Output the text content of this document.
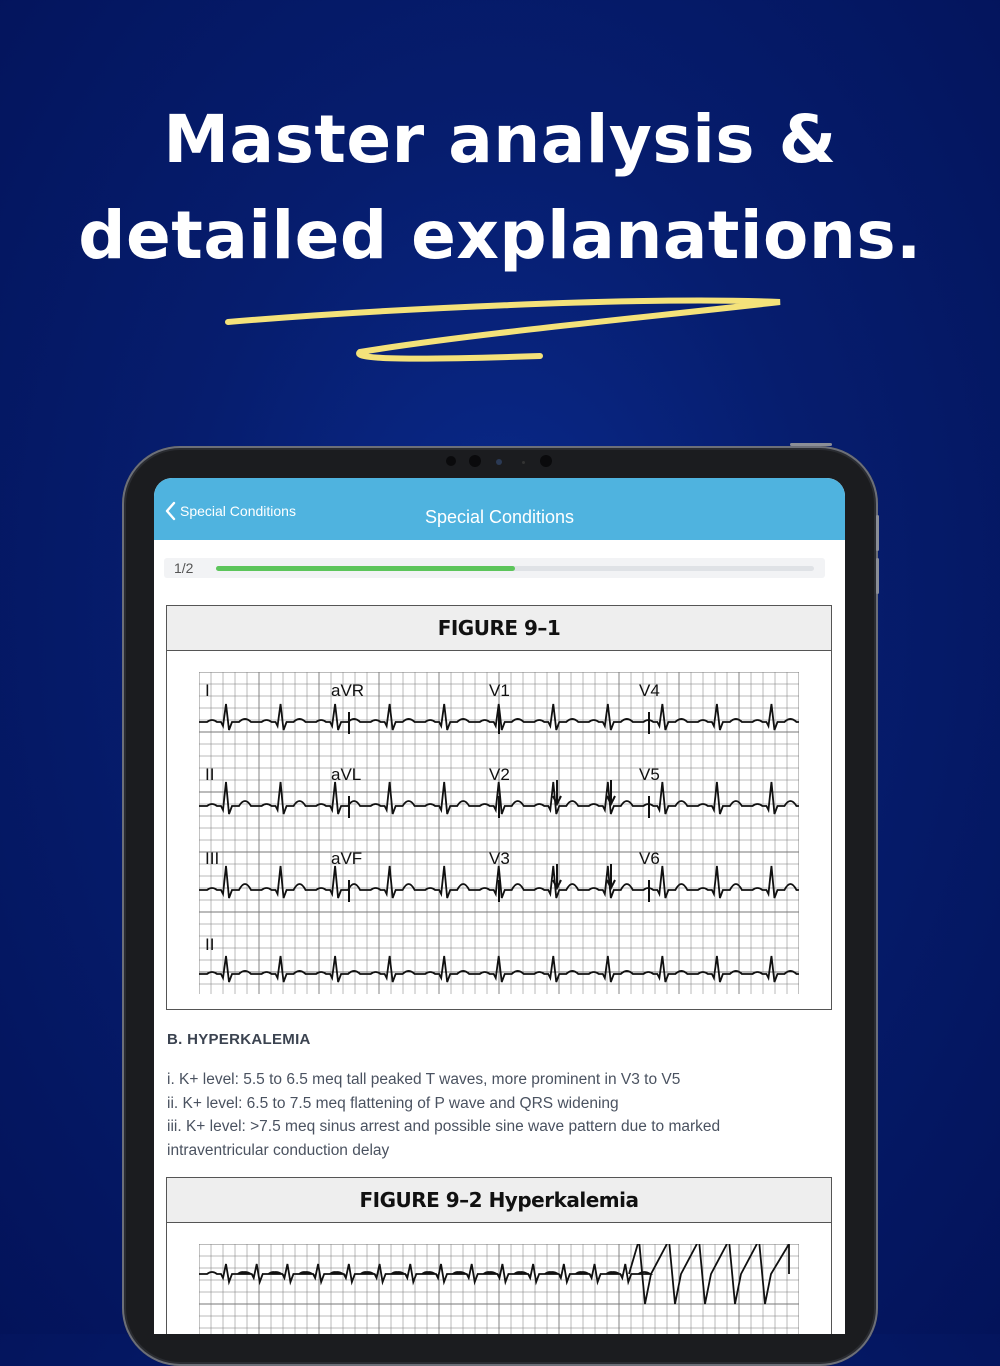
Master analysis &
detailed explanations.
Special Conditions	Special Conditions
1/2
FIGURE 9–1
I	aVR	V1	V4
II	aVL	V2	V5
III	aVF	V3	V6
II
B. HYPERKALEMIA
i. K+ level: 5.5 to 6.5 meq tall peaked T waves, more prominent in V3 to V5
ii. K+ level: 6.5 to 7.5 meq flattening of P wave and QRS widening
iii. K+ level: >7.5 meq sinus arrest and possible sine wave pattern due to marked
intraventricular conduction delay
FIGURE 9–2 Hyperkalemia
